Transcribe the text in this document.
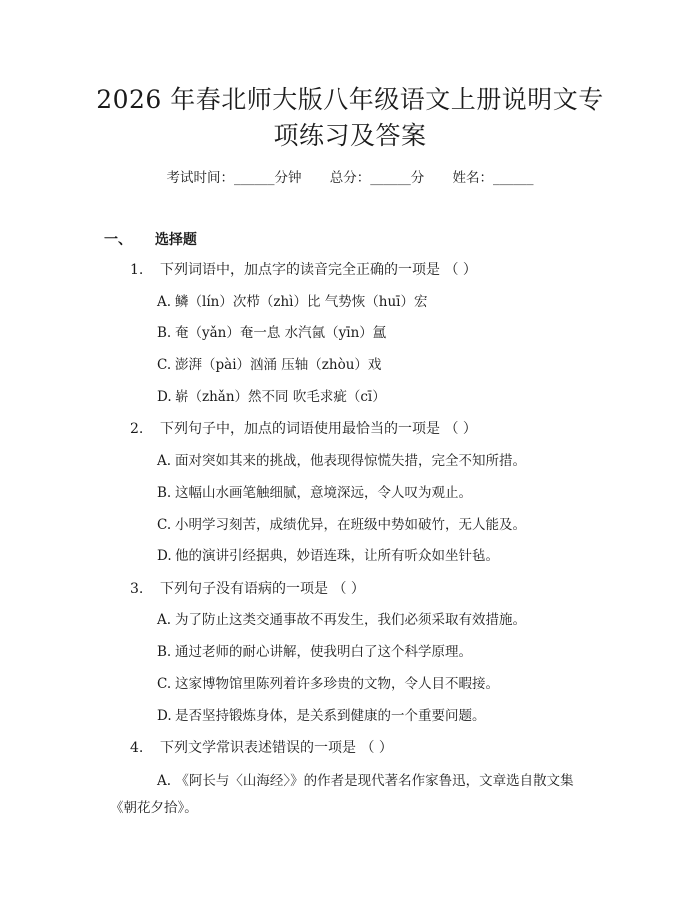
2026 年春北师大版八年级语文上册说明文专
项练习及答案
考试时间：______分钟 总分：______分 姓名：______
一、 选择题
1. 下列词语中，加点字的读音完全正确的一项是 （ ）
A. 鳞（lín）次栉（zhì）比 气势恢（huī）宏
B. 奄（yǎn）奄一息 水汽氤（yīn）氲
C. 澎湃（pài）汹涌 压轴（zhòu）戏
D. 崭（zhǎn）然不同 吹毛求疵（cī）
2. 下列句子中，加点的词语使用最恰当的一项是 （ ）
A. 面对突如其来的挑战，他表现得惊慌失措，完全不知所措。
B. 这幅山水画笔触细腻，意境深远，令人叹为观止。
C. 小明学习刻苦，成绩优异，在班级中势如破竹，无人能及。
D. 他的演讲引经据典，妙语连珠，让所有听众如坐针毡。
3. 下列句子没有语病的一项是 （ ）
A. 为了防止这类交通事故不再发生，我们必须采取有效措施。
B. 通过老师的耐心讲解，使我明白了这个科学原理。
C. 这家博物馆里陈列着许多珍贵的文物，令人目不暇接。
D. 是否坚持锻炼身体，是关系到健康的一个重要问题。
4. 下列文学常识表述错误的一项是 （ ）
A. 《阿长与〈山海经〉》的作者是现代著名作家鲁迅，文章选自散文集《朝花夕拾》。
